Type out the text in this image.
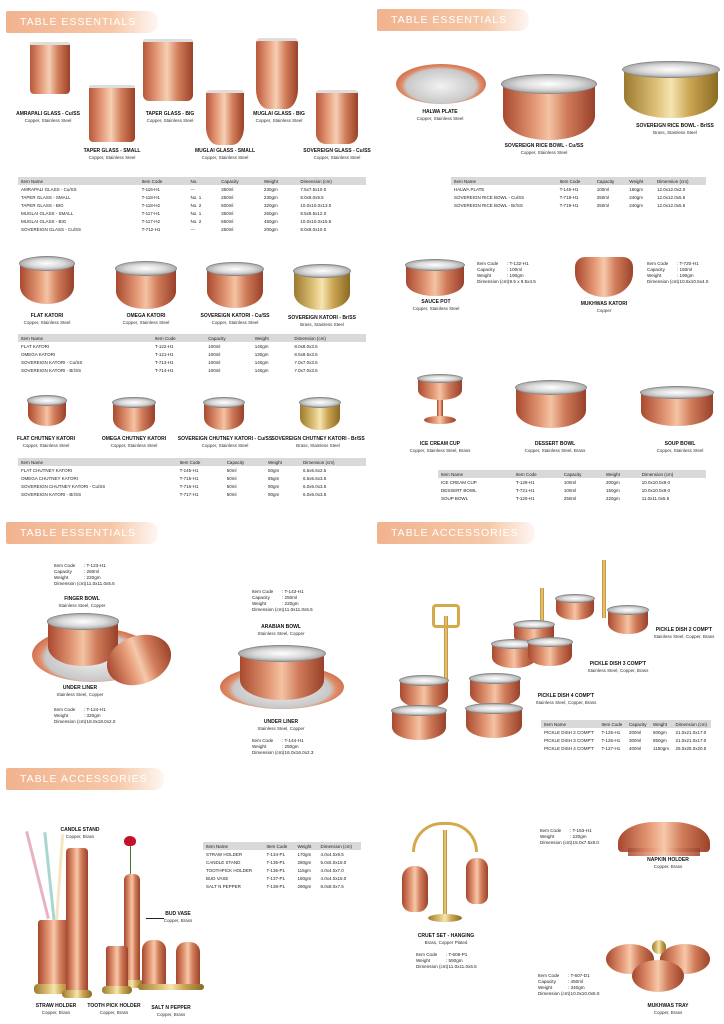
TABLE ESSENTIALS	TABLE ESSENTIALS
TABLE ESSENTIALS	TABLE ACCESSORIES
TABLE ACCESSORIES
AMRAPALI GLASS - Cu/SS
Copper, Stainless Steel
TAPER GLASS - BIG
Copper, Stainless Steel
MUGLAI GLASS - BIG
Copper, Stainless Steel
TAPER GLASS - SMALL
Copper, Stainless Steel
MUGLAI GLASS - SMALL
Copper, Stainless Steel
SOVEREIGN GLASS - Cu/SS
Copper, Stainless Steel
Item Name	Item Code	No.	Capacity	Weight	Dimension (cm)
AMRAPALI GLASS - Cu/SS	T-116-H1	---	350ml	230gm	7.5x7.5x10.0
TAPER GLASS - SMALL	T-118-H1	No. 1	250ml	230gm	8.0x8.0x9.5
TAPER GLASS - BIG	T-118-H2	No. 2	500ml	320gm	10.0x10.0x13.0
MUGLAI GLASS - SMALL	T-117-H1	No. 1	350ml	260gm	8.5x8.5x12.0
MUGLAI GLASS - BIG	T-117-H2	No. 2	650ml	450gm	10.0x10.0x15.5
SOVEREIGN GLASS - Cu/SS	T-712-H1	---	250ml	200gm	8.0x8.0x10.0
FLAT KATORI
Copper, Stainless Steel
OMEGA KATORI
Copper, Stainless Steel
SOVEREIGN KATORI - Cu/SS
Copper, Stainless Steel
SOVEREIGN KATORI - Br/SS
Brass, Stainless Steel
Item Name	Item Code	Capacity	Weight	Dimension (cm)
FLAT KATORI	T-122-H1	100ml	140gm	8.0x8.0x3.5
OMEGA KATORI	T-121-H1	100ml	130gm	8.5x8.5x3.5
SOVEREIGN KATORI - Cu/SS	T-713-H1	100ml	140gm	7.0x7.0x3.5
SOVEREIGN KATORI - Br/SS	T-714-H1	100ml	140gm	7.0x7.0x3.5
FLAT CHUTNEY KATORI
Copper, Stainless Steel
OMEGA CHUTNEY KATORI
Copper, Stainless Steel
SOVEREIGN CHUTNEY KATORI - Cu/SS
Copper, Stainless Steel
SOVEREIGN CHUTNEY KATORI - Br/SS
Brass, Stainless Steel
Item Name	Item Code	Capacity	Weight	Dimension (cm)
FLAT CHUTNEY KATORI	T-145-H1	50ml	50gm	6.5x6.5x2.5
OMEGA CHUTNEY KATORI	T-715-H1	50ml	85gm	6.5x6.5x3.5
SOVEREIGN CHUTNEY KATORI - Cu/SS	T-716-H1	50ml	90gm	6.0x6.0x3.5
SOVEREIGN KATORI - Br/SS	T-717-H1	50ml	90gm	6.0x6.0x3.5
HALWA PLATE
Copper, Stainless Steel
SOVEREIGN RICE BOWL - Cu/SS
Copper, Stainless Steel
SOVEREIGN RICE BOWL - Br/SS
Brass, Stainless Steel
Item Name	Item Code	Capacity	Weight	Dimension (cm)
HALWA PLATE	T-146-H1	100ml	160gm	12.0x12.0x2.0
SOVEREIGN RICE BOWL - Cu/SS	T-718-H1	250ml	240gm	12.0x12.0x5.5
SOVEREIGN RICE BOWL - Br/SS	T-719-H1	250ml	240gm	12.0x12.0x5.5
Item Code : T-132-H1
Capacity	: 100ml
Weight	: 190gm
Dimension (cm): 9.5 x 9.5x4.5
SAUCE POT
Copper, Stainless Steel
Item Code : T-720-H1
Capacity	: 150ml
Weight	: 190gm
Dimension (cm): 10.5x10.5x4.0
MUKHWAS KATORI
Copper
ICE CREAM CUP
Copper, Stainless Steel, Brass
DESSERT BOWL
Copper, Stainless Steel, Brass
SOUP BOWL
Copper, Stainless Steel
Item Name	Item Code	Capacity	Weight	Dimension (cm)
ICE CREAM CUP	T-128-H1	100ml	200gm	10.0x10.0x9.0
DESSERT BOWL	T-721-H1	100ml	150gm	10.0x10.0x9.0
SOUP BOWL	T-120-H1	250ml	220gm	11.0x11.0x5.5
Item Code : T-123-H1
Capacity	: 260ml
Weight	: 220gm
Dimension (cm): 11.0x11.0x5.5
FINGER BOWL
Stainless Steel, Copper
UNDER LINER
Stainless Steel, Copper
Item Code : T-124-H1
Weight	: 320gm
Dimension (cm): 18.0x18.0x2.0
Item Code : T-143-H1
Capacity	: 250ml
Weight	: 220gm
Dimension (cm): 11.0x11.0x5.5
ARABIAN BOWL
Stainless Steel, Copper
UNDER LINER
Stainless Steel, Copper
Item Code : T-144-H1
Weight	: 250gm
Dimension (cm): 16.0x16.0x2.3
PICKLE DISH 2 COMP'T
Stainless Steel, Copper, Brass
PICKLE DISH 3 COMP'T
Stainless Steel, Copper, Brass
PICKLE DISH 4 COMP'T
Stainless Steel, Copper, Brass
Item Name	Item Code	Capacity	Weight	Dimension (cm)
PICKLE DISH 2 COMP'T	T-125-H1	200ml	600gm	21.0x21.0x17.0
PICKLE DISH 3 COMP'T	T-126-H1	300ml	850gm	21.0x21.0x17.0
PICKLE DISH 4 COMP'T	T-127-H1	400ml	1150gm	25.0x25.0x20.5
CANDLE STAND
Copper, Brass
BUD VASE
Copper, Brass
STRAW HOLDER
Copper, Brass
TOOTH PICK HOLDER
Copper, Brass
SALT N PEPPER
Copper, Brass
Item Name	Item Code	Weight	Dimension (cm)
STRAW HOLDER	T-134-P1	170gm	4.0x4.0x9.5
CANDLE STAND	T-135-P1	280gm	5.0x5.0x18.0
TOOTHPICK HOLDER	T-136-P1	115gm	4.0x4.0x7.0
BUD VASE	T-137-P1	180gm	4.0x4.0x15.0
SALT N PEPPER	T-138-P1	290gm	8.0x8.0x7.5
CRUET SET - HANGING
Brass, Copper Plated
Item Code : T-608-P1
Weight	: 550gm
Dimension (cm): 11.0x11.0x5.5
Item Code : T-163-H1
Weight	: 220gm
Dimension (cm): 15.0x7.5x8.0
NAPKIN HOLDER
Copper, Brass
Item Code : T-607-D1
Capacity	: 450ml
Weight	: 340gm
Dimension (cm): 10.0x10.0x5.0
MUKHWAS TRAY
Copper, Brass
